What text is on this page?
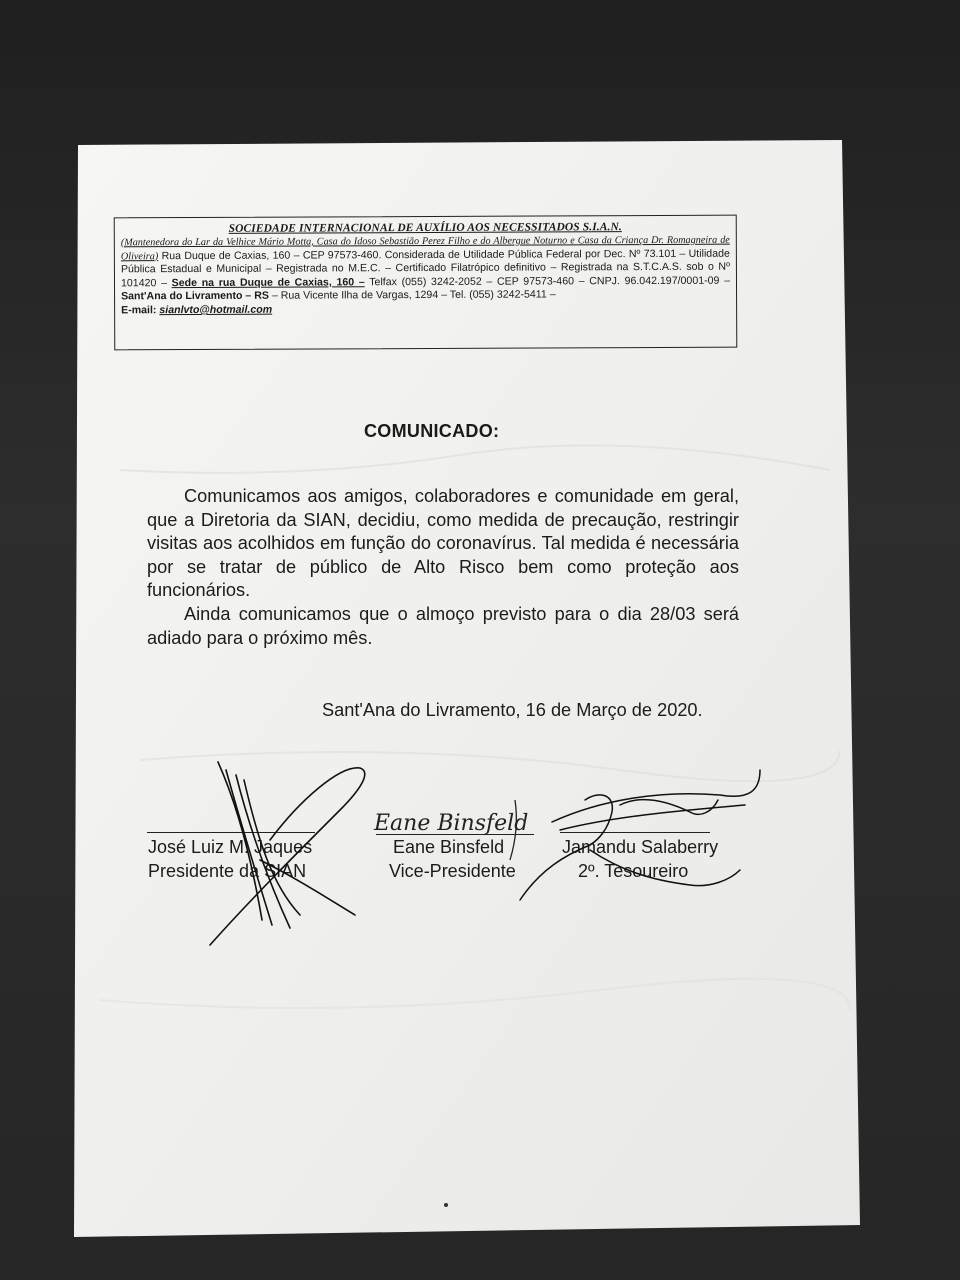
SOCIEDADE INTERNACIONAL DE AUXÍLIO AOS NECESSITADOS S.I.A.N.

(Mantenedora do Lar da Velhice Mário Motta, Casa do Idoso Sebastião Perez Filho e do Albergue Noturno e Casa da Criança Dr. Romagneira de Oliveira) Rua Duque de Caxias, 160 – CEP 97573-460. Considerada de Utilidade Pública Federal por Dec. Nº 73.101 – Utilidade Pública Estadual e Municipal – Registrada no M.E.C. – Certificado Filatrópico definitivo – Registrada na S.T.C.A.S. sob o Nº 101420 – Sede na rua Duque de Caxias, 160 – Telfax (055) 3242-2052 – CEP 97573-460 – CNPJ. 96.042.197/0001-09 – Sant'Ana do Livramento – RS – Rua Vicente Ilha de Vargas, 1294 – Tel. (055) 3242-5411 –
E-mail: sianlvto@hotmail.com

COMUNICADO:

Comunicamos aos amigos, colaboradores e comunidade em geral, que a Diretoria da SIAN, decidiu, como medida de precaução, restringir visitas aos acolhidos em função do coronavírus. Tal medida é necessária por se tratar de público de Alto Risco bem como proteção aos funcionários.

Ainda comunicamos que o almoço previsto para o dia 28/03 será adiado para o próximo mês.

Sant'Ana do Livramento, 16 de Março de 2020.
José Luiz M. Jaques
Presidente da SIAN
Eane Binsfeld
Vice-Presidente
Jamandu Salaberry
2º. Tesoureiro
Eane Binsfeld
